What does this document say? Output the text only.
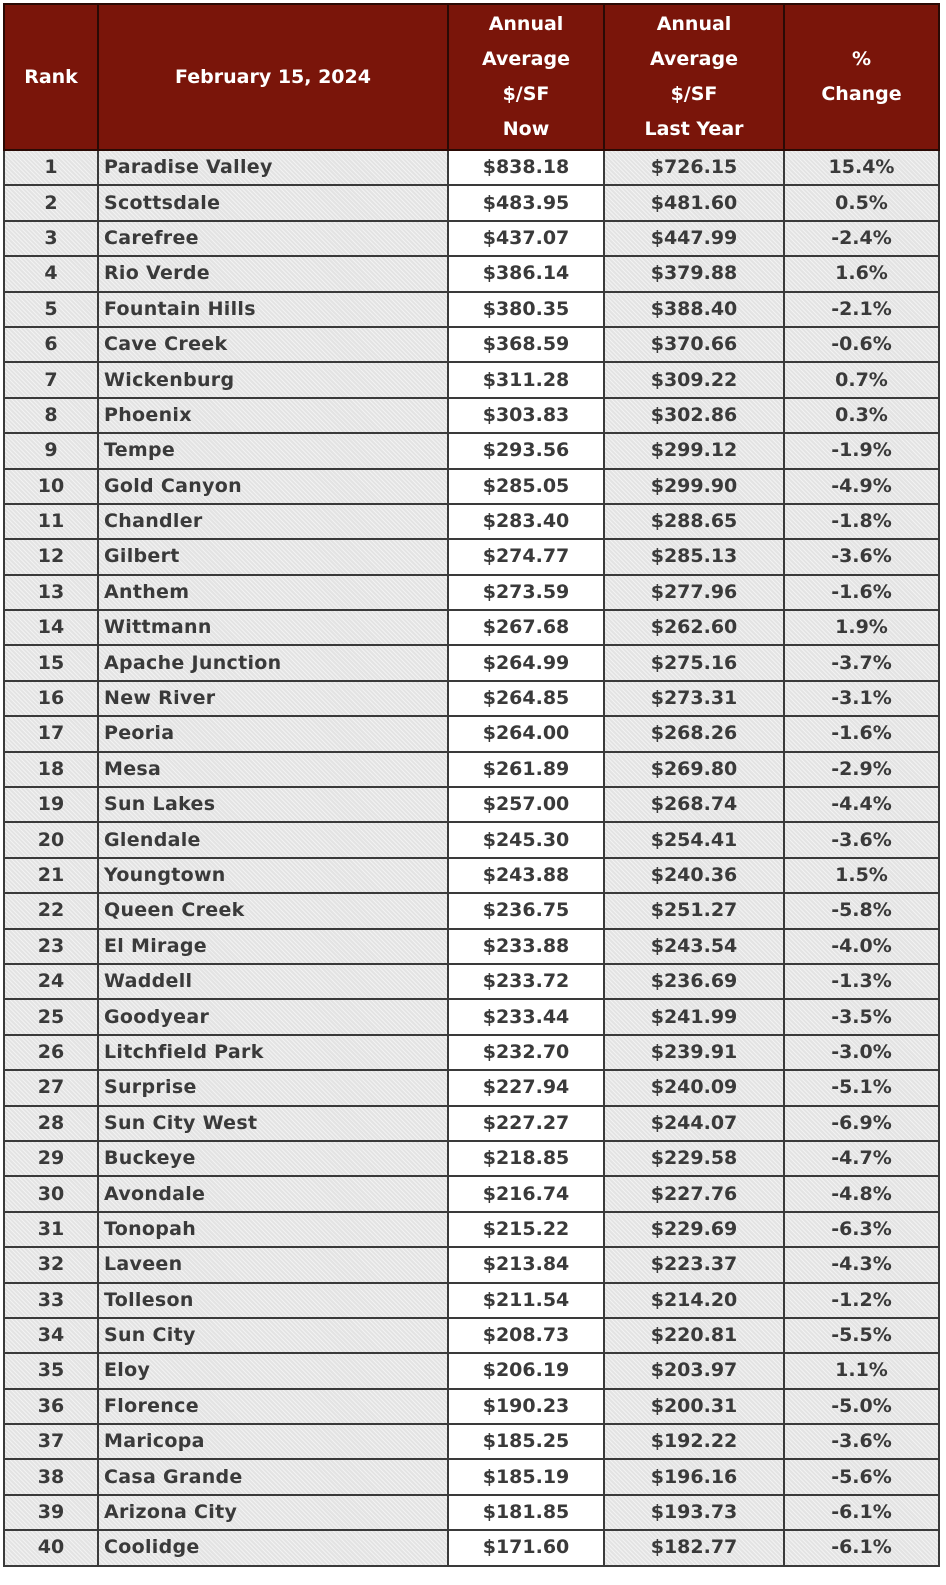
Rank	February 15, 2024	Annual
Average
$/SF
Now	Annual
Average
$/SF
Last Year	%
Change

1	Paradise Valley	$838.18	$726.15	15.4%
2	Scottsdale	$483.95	$481.60	0.5%
3	Carefree	$437.07	$447.99	-2.4%
4	Rio Verde	$386.14	$379.88	1.6%
5	Fountain Hills	$380.35	$388.40	-2.1%
6	Cave Creek	$368.59	$370.66	-0.6%
7	Wickenburg	$311.28	$309.22	0.7%
8	Phoenix	$303.83	$302.86	0.3%
9	Tempe	$293.56	$299.12	-1.9%
10	Gold Canyon	$285.05	$299.90	-4.9%
11	Chandler	$283.40	$288.65	-1.8%
12	Gilbert	$274.77	$285.13	-3.6%
13	Anthem	$273.59	$277.96	-1.6%
14	Wittmann	$267.68	$262.60	1.9%
15	Apache Junction	$264.99	$275.16	-3.7%
16	New River	$264.85	$273.31	-3.1%
17	Peoria	$264.00	$268.26	-1.6%
18	Mesa	$261.89	$269.80	-2.9%
19	Sun Lakes	$257.00	$268.74	-4.4%
20	Glendale	$245.30	$254.41	-3.6%
21	Youngtown	$243.88	$240.36	1.5%
22	Queen Creek	$236.75	$251.27	-5.8%
23	El Mirage	$233.88	$243.54	-4.0%
24	Waddell	$233.72	$236.69	-1.3%
25	Goodyear	$233.44	$241.99	-3.5%
26	Litchfield Park	$232.70	$239.91	-3.0%
27	Surprise	$227.94	$240.09	-5.1%
28	Sun City West	$227.27	$244.07	-6.9%
29	Buckeye	$218.85	$229.58	-4.7%
30	Avondale	$216.74	$227.76	-4.8%
31	Tonopah	$215.22	$229.69	-6.3%
32	Laveen	$213.84	$223.37	-4.3%
33	Tolleson	$211.54	$214.20	-1.2%
34	Sun City	$208.73	$220.81	-5.5%
35	Eloy	$206.19	$203.97	1.1%
36	Florence	$190.23	$200.31	-5.0%
37	Maricopa	$185.25	$192.22	-3.6%
38	Casa Grande	$185.19	$196.16	-5.6%
39	Arizona City	$181.85	$193.73	-6.1%
40	Coolidge	$171.60	$182.77	-6.1%
